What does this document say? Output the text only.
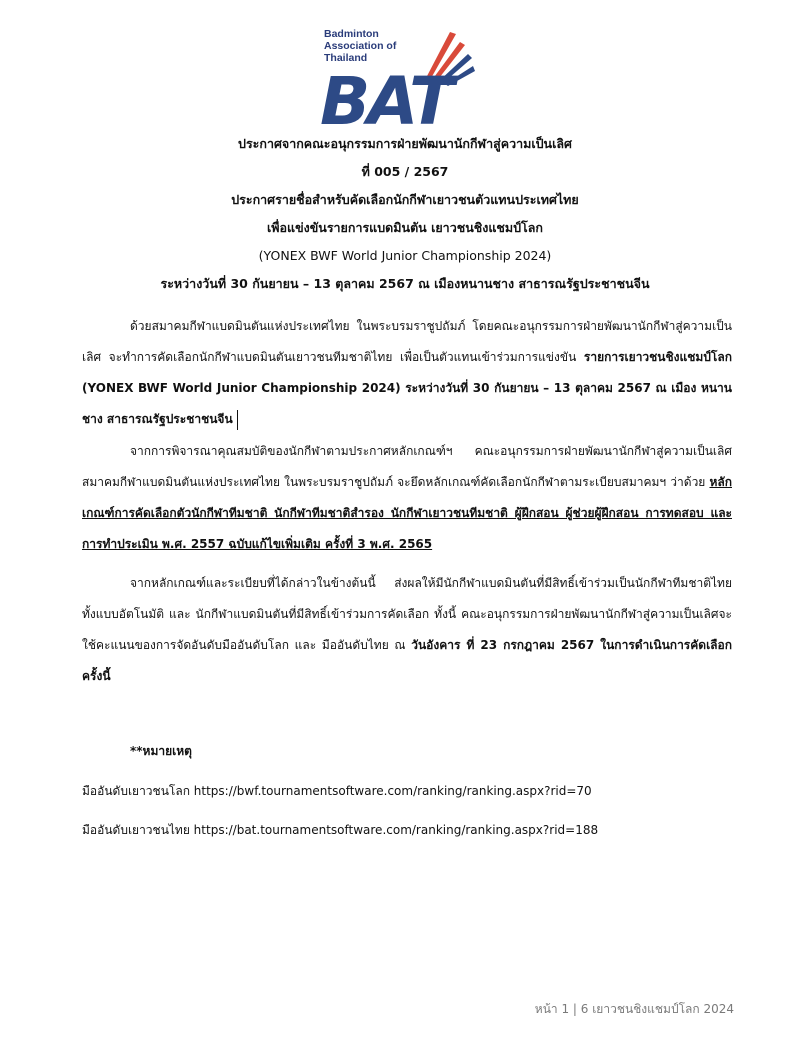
Badminton
Association of
Thailand
BAT
ประกาศจากคณะอนุกรรมการฝ่ายพัฒนานักกีฬาสู่ความเป็นเลิศ
ที่ 005 / 2567
ประกาศรายชื่อสำหรับคัดเลือกนักกีฬาเยาวชนตัวแทนประเทศไทย
เพื่อแข่งขันรายการแบดมินตัน เยาวชนชิงแชมป์โลก
(YONEX BWF World Junior Championship 2024)
ระหว่างวันที่ 30 กันยายน – 13 ตุลาคม 2567 ณ เมืองหนานชาง สาธารณรัฐประชาชนจีน

ด้วยสมาคมกีฬาแบดมินตันแห่งประเทศไทย ในพระบรมราชูปถัมภ์ โดยคณะอนุกรรมการฝ่ายพัฒนานักกีฬาสู่ความเป็นเลิศ จะทำการคัดเลือกนักกีฬาแบดมินตันเยาวชนทีมชาติไทย เพื่อเป็นตัวแทนเข้าร่วมการแข่งขัน รายการเยาวชนชิงแชมป์โลก (YONEX BWF World Junior Championship 2024) ระหว่างวันที่ 30 กันยายน – 13 ตุลาคม 2567 ณ เมือง หนานชาง สาธารณรัฐประชาชนจีน

จากการพิจารณาคุณสมบัติของนักกีฬาตามประกาศหลักเกณฑ์ฯ คณะอนุกรรมการฝ่ายพัฒนานักกีฬาสู่ความเป็นเลิศ สมาคมกีฬาแบดมินตันแห่งประเทศไทย ในพระบรมราชูปถัมภ์ จะยึดหลักเกณฑ์คัดเลือกนักกีฬาตามระเบียบสมาคมฯ ว่าด้วย หลักเกณฑ์การคัดเลือกตัวนักกีฬาทีมชาติ นักกีฬาทีมชาติสำรอง นักกีฬาเยาวชนทีมชาติ ผู้ฝึกสอน ผู้ช่วยผู้ฝึกสอน การทดสอบ และ การทำประเมิน พ.ศ. 2557 ฉบับแก้ไขเพิ่มเติม ครั้งที่ 3 พ.ศ. 2565

จากหลักเกณฑ์และระเบียบที่ได้กล่าวในข้างต้นนี้ ส่งผลให้มีนักกีฬาแบดมินตันที่มีสิทธิ์เข้าร่วมเป็นนักกีฬาทีมชาติไทย ทั้งแบบอัตโนมัติ และ นักกีฬาแบดมินตันที่มีสิทธิ์เข้าร่วมการคัดเลือก ทั้งนี้ คณะอนุกรรมการฝ่ายพัฒนานักกีฬาสู่ความเป็นเลิศจะใช้คะแนนของการจัดอันดับมืออันดับโลก และ มืออันดับไทย ณ วันอังคาร ที่ 23 กรกฎาคม 2567 ในการดำเนินการคัดเลือกครั้งนี้

**หมายเหตุ
มืออันดับเยาวชนโลก https://bwf.tournamentsoftware.com/ranking/ranking.aspx?rid=70
มืออันดับเยาวชนไทย https://bat.tournamentsoftware.com/ranking/ranking.aspx?rid=188
หน้า 1 | 6 เยาวชนชิงแชมป์โลก 2024
